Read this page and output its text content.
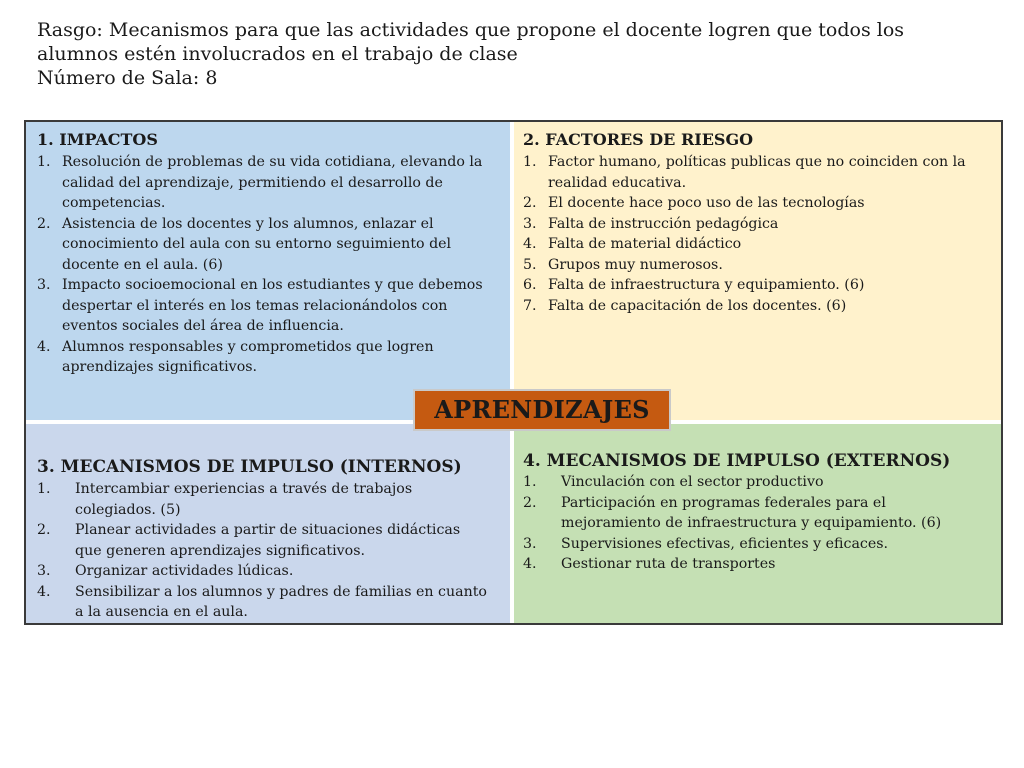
Rasgo: Mecanismos para que las actividades que propone el docente logren que todos los
alumnos estén involucrados en el trabajo de clase
Número de Sala: 8
1. IMPACTOS
1. Resolución de problemas de su vida cotidiana, elevando la
calidad del aprendizaje, permitiendo el desarrollo de
competencias.
2. Asistencia de los docentes y los alumnos, enlazar el
conocimiento del aula con su entorno seguimiento del
docente en el aula. (6)
3. Impacto socioemocional en los estudiantes y que debemos
despertar el interés en los temas relacionándolos con
eventos sociales del área de influencia.
4. Alumnos responsables y comprometidos que logren
aprendizajes significativos.
2. FACTORES DE RIESGO
1. Factor humano, políticas publicas que no coinciden con la
realidad educativa.
2. El docente hace poco uso de las tecnologías
3. Falta de instrucción pedagógica
4. Falta de material didáctico
5. Grupos muy numerosos.
6. Falta de infraestructura y equipamiento. (6)
7. Falta de capacitación de los docentes. (6)
3. MECANISMOS DE IMPULSO (INTERNOS)
1. Intercambiar experiencias a través de trabajos
colegiados. (5)
2. Planear actividades a partir de situaciones didácticas
que generen aprendizajes significativos.
3. Organizar actividades lúdicas.
4. Sensibilizar a los alumnos y padres de familias en cuanto
a la ausencia en el aula.
4. MECANISMOS DE IMPULSO (EXTERNOS)
1. Vinculación con el sector productivo
2. Participación en programas federales para el
mejoramiento de infraestructura y equipamiento. (6)
3. Supervisiones efectivas, eficientes y eficaces.
4. Gestionar ruta de transportes
APRENDIZAJES
